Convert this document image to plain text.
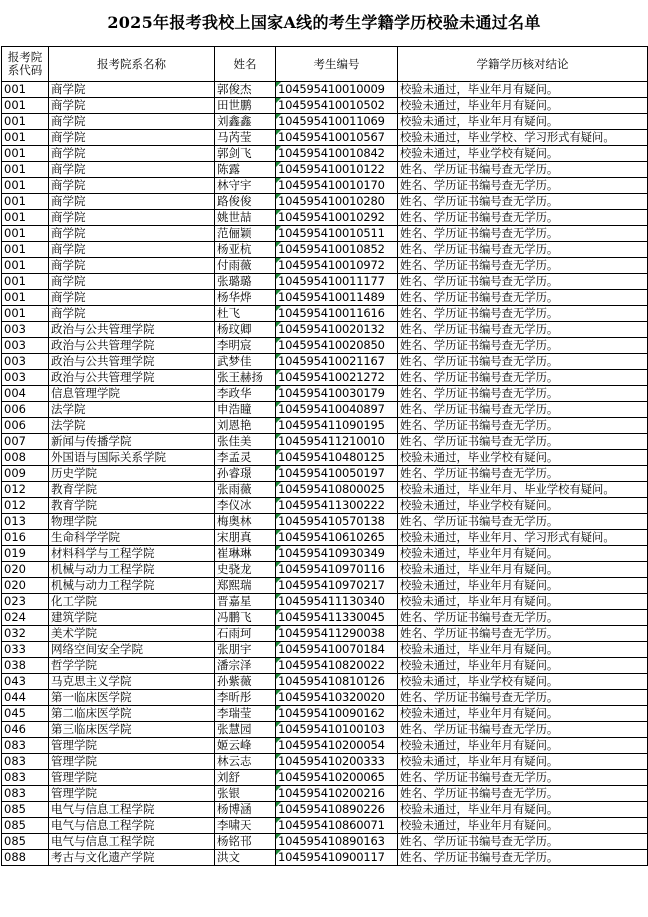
2025年报考我校上国家A线的考生学籍学历校验未通过名单
报考院系代码	报考院系名称	姓名	考生编号	学籍学历核对结论
001	商学院	郭俊杰	104595410010009	校验未通过，毕业年月有疑问。
001	商学院	田世鹏	104595410010502	校验未通过，毕业年月有疑问。
001	商学院	刘鑫鑫	104595410011069	校验未通过，毕业年月有疑问。
001	商学院	马芮莹	104595410010567	校验未通过，毕业学校、学习形式有疑问。
001	商学院	郭剑飞	104595410010842	校验未通过，毕业学校有疑问。
001	商学院	陈露	104595410010122	姓名、学历证书编号查无学历。
001	商学院	林守宇	104595410010170	姓名、学历证书编号查无学历。
001	商学院	路俊俊	104595410010280	姓名、学历证书编号查无学历。
001	商学院	姚世喆	104595410010292	姓名、学历证书编号查无学历。
001	商学院	范俪颖	104595410010511	姓名、学历证书编号查无学历。
001	商学院	杨亚杭	104595410010852	姓名、学历证书编号查无学历。
001	商学院	付雨薇	104595410010972	姓名、学历证书编号查无学历。
001	商学院	张璐璐	104595410011177	姓名、学历证书编号查无学历。
001	商学院	杨华烨	104595410011489	姓名、学历证书编号查无学历。
001	商学院	杜飞	104595410011616	姓名、学历证书编号查无学历。
003	政治与公共管理学院	杨玟卿	104595410020132	姓名、学历证书编号查无学历。
003	政治与公共管理学院	李明宸	104595410020850	姓名、学历证书编号查无学历。
003	政治与公共管理学院	武梦佳	104595410021167	姓名、学历证书编号查无学历。
003	政治与公共管理学院	张王赫扬	104595410021272	姓名、学历证书编号查无学历。
004	信息管理学院	李政华	104595410030179	姓名、学历证书编号查无学历。
006	法学院	申浩瞳	104595410040897	姓名、学历证书编号查无学历。
006	法学院	刘恩艳	104595411090195	姓名、学历证书编号查无学历。
007	新闻与传播学院	张佳美	104595411210010	姓名、学历证书编号查无学历。
008	外国语与国际关系学院	李孟灵	104595410480125	校验未通过，毕业学校有疑问。
009	历史学院	孙睿璟	104595410050197	姓名、学历证书编号查无学历。
012	教育学院	张雨薇	104595410800025	校验未通过，毕业年月、毕业学校有疑问。
012	教育学院	李仪冰	104595411300222	校验未通过，毕业学校有疑问。
013	物理学院	梅奥林	104595410570138	姓名、学历证书编号查无学历。
016	生命科学学院	宋朋真	104595410610265	校验未通过，毕业年月、学习形式有疑问。
019	材料科学与工程学院	崔琳琳	104595410930349	校验未通过，毕业年月有疑问。
020	机械与动力工程学院	史骁龙	104595410970116	校验未通过，毕业年月有疑问。
020	机械与动力工程学院	郑熙瑞	104595410970217	校验未通过，毕业年月有疑问。
023	化工学院	晋嘉星	104595411130340	校验未通过，毕业年月有疑问。
024	建筑学院	冯鹏飞	104595411330045	姓名、学历证书编号查无学历。
032	美术学院	石雨珂	104595411290038	姓名、学历证书编号查无学历。
033	网络空间安全学院	张朋宇	104595410070184	校验未通过，毕业年月有疑问。
038	哲学学院	潘宗泽	104595410820022	校验未通过，毕业年月有疑问。
043	马克思主义学院	孙紫薇	104595410810126	校验未通过，毕业学校有疑问。
044	第一临床医学院	李昕彤	104595410320020	姓名、学历证书编号查无学历。
045	第二临床医学院	李瑞莹	104595410090162	校验未通过，毕业年月有疑问。
046	第三临床医学院	张慧园	104595410100103	姓名、学历证书编号查无学历。
083	管理学院	姬云峰	104595410200054	校验未通过，毕业年月有疑问。
083	管理学院	林云志	104595410200333	校验未通过，毕业年月有疑问。
083	管理学院	刘舒	104595410200065	姓名、学历证书编号查无学历。
083	管理学院	张银	104595410200216	姓名、学历证书编号查无学历。
085	电气与信息工程学院	杨博涵	104595410890226	校验未通过，毕业年月有疑问。
085	电气与信息工程学院	李啸天	104595410860071	校验未通过，毕业年月有疑问。
085	电气与信息工程学院	杨铭邗	104595410890163	姓名、学历证书编号查无学历。
088	考古与文化遗产学院	洪文	104595410900117	姓名、学历证书编号查无学历。
